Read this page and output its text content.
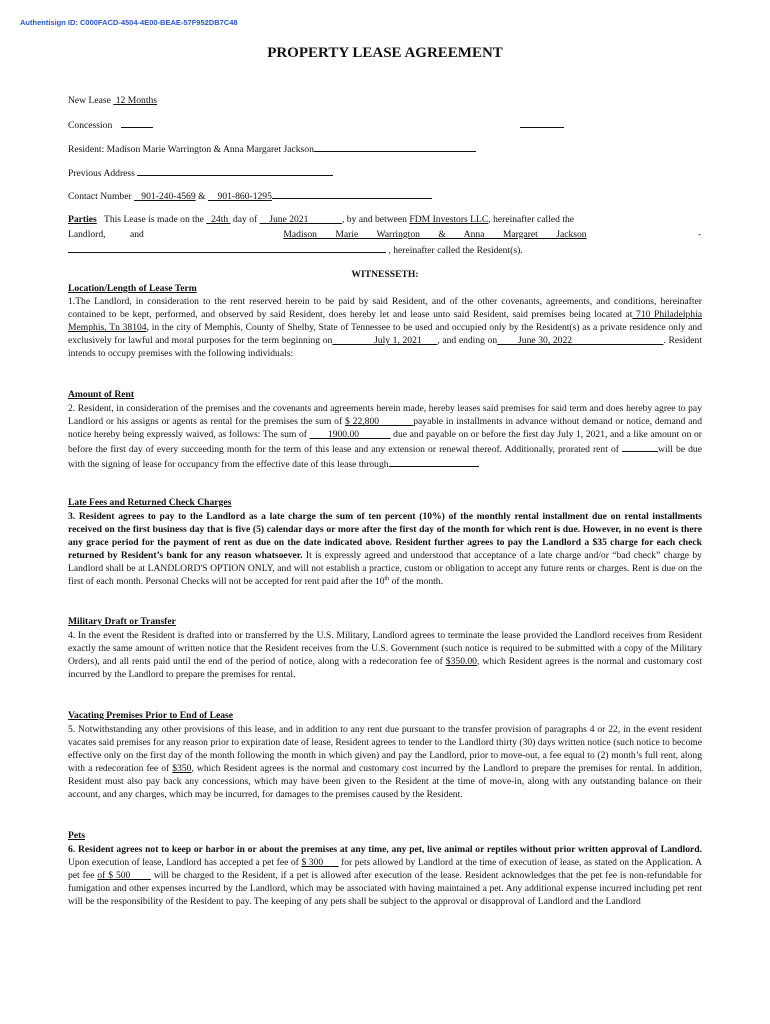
Authentisign ID: C000FACD-4504-4E00-BEAE-57F952DB7C48
PROPERTY LEASE AGREEMENT
New Lease 12 Months
Concession
Resident: Madison Marie Warrington & Anna Margaret Jackson
Previous Address
Contact Number 901-240-4569 & 901-860-1295
Parties This Lease is made on the 24th day of June 2021	, by and between FDM Investors LLC, hereinafter called the
Landlord,	and	Madison Marie Warrington & Anna Margaret Jackson	-
, hereinafter called the Resident(s).
WITNESSETH:
Location/Length of Lease Term
1.The Landlord, in consideration to the rent reserved herein to be paid by said Resident, and of the other covenants, agreements, and conditions, hereinafter contained to be kept, performed, and observed by said Resident, does hereby let and lease unto said Resident, said premises being located at 710 Philadelphia Memphis, Tn 38104, in the city of Memphis, County of Shelby, State of Tennessee to be used and occupied only by the Resident(s) as a private residence only and exclusively for lawful and moral purposes for the term beginning on	July 1, 2021 , and ending on June 30, 2022	. Resident intends to occupy premises with the following individuals:
Amount of Rent
2. Resident, in consideration of the premises and the covenants and agreements herein made, hereby leases said premises for said term and does hereby agree to pay Landlord or his assigns or agents as rental for the premises the sum of $ 22,800	payable in installments in advance without demand or notice, demand and notice hereby being expressly waived, as follows: The sum of 1900.00	due and payable on or before the first day July 1, 2021, and a like amount on or before the first day of every succeeding month for the term of this lease and any extension or renewal thereof. Additionally, prorated rent of	will be due with the signing of lease for occupancy from the effective date of this lease through
Late Fees and Returned Check Charges
3. Resident agrees to pay to the Landlord as a late charge the sum of ten percent (10%) of the monthly rental installment due on rental installments received on the first business day that is five (5) calendar days or more after the first day of the month for which rent is due. However, in no event is there any grace period for the payment of rent as due on the date indicated above. Resident further agrees to pay the Landlord a $35 charge for each check returned by Resident’s bank for any reason whatsoever. It is expressly agreed and understood that acceptance of a late charge and/or “bad check” charge by Landlord shall be at LANDLORD'S OPTION ONLY, and will not establish a practice, custom or obligation to accept any future rents or charges. Rent is due on the first of each month. Personal Checks will not be accepted for rent paid after the 10th of the month.
Military Draft or Transfer
4. In the event the Resident is drafted into or transferred by the U.S. Military, Landlord agrees to terminate the lease provided the Landlord receives from Resident exactly the same amount of written notice that the Resident receives from the U.S. Government (such notice is required to be submitted with a copy of the Military Orders), and all rents paid until the end of the period of notice, along with a redecoration fee of $350.00, which Resident agrees is the normal and customary cost incurred by the Landlord to prepare the premises for rental.
Vacating Premises Prior to End of Lease
5. Notwithstanding any other provisions of this lease, and in addition to any rent due pursuant to the transfer provision of paragraphs 4 or 22, in the event resident vacates said premises for any reason prior to expiration date of lease, Resident agrees to tender to the Landlord thirty (30) days written notice (such notice to become effective only on the first day of the month following the month in which given) and pay the Landlord, prior to move-out, a fee equal to (2) month’s full rent, along with a redecoration fee of $350, which Resident agrees is the normal and customary cost incurred by the Landlord to prepare the premises for rental. In addition, Resident must also pay back any concessions, which may have been given to the Resident at the time of move-in, along with any outstanding balance on their account, and any charges, which may be incurred, for damages to the premises caused by the Resident.
Pets
6. Resident agrees not to keep or harbor in or about the premises at any time, any pet, live animal or reptiles without prior written approval of Landlord. Upon execution of lease, Landlord has accepted a pet fee of $ 300 for pets allowed by Landlord at the time of execution of lease, as stated on the Application. A pet fee of $ 500 will be charged to the Resident, if a pet is allowed after execution of the lease. Resident acknowledges that the pet fee is non-refundable for fumigation and other expenses incurred by the Landlord, which may be associated with having maintained a pet. Any additional expense incurred including pet rent will be the responsibility of the Resident to pay. The keeping of any pets shall be subject to the approval or disapproval of Landlord and the Landlord
